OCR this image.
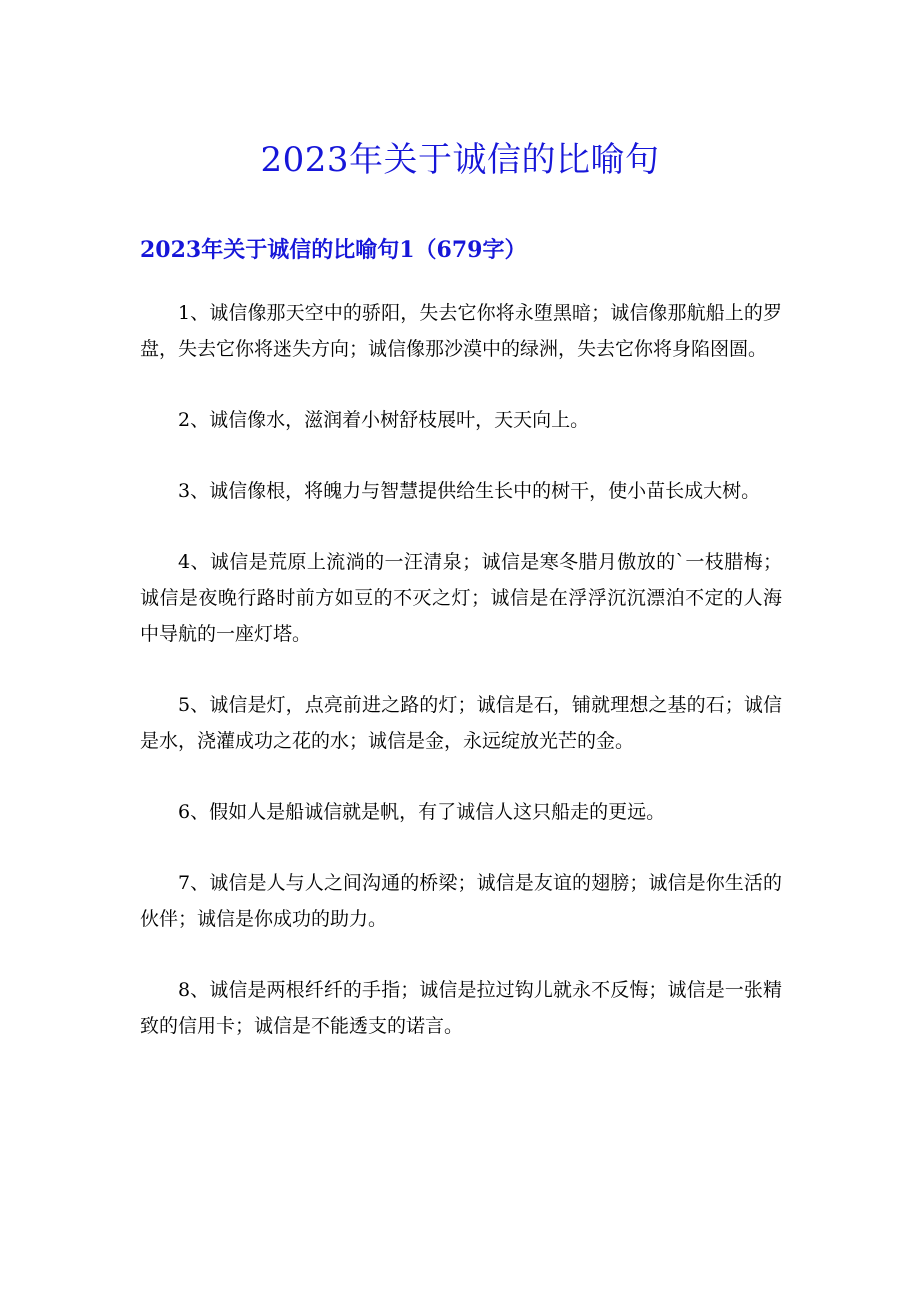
2023年关于诚信的比喻句
2023年关于诚信的比喻句1（679字）

1、诚信像那天空中的骄阳，失去它你将永堕黑暗；诚信像那航船上的罗盘，失去它你将迷失方向；诚信像那沙漠中的绿洲，失去它你将身陷囹圄。

2、诚信像水，滋润着小树舒枝展叶，天天向上。

3、诚信像根，将魄力与智慧提供给生长中的树干，使小苗长成大树。

4、诚信是荒原上流淌的一汪清泉；诚信是寒冬腊月傲放的`一枝腊梅；诚信是夜晚行路时前方如豆的不灭之灯；诚信是在浮浮沉沉漂泊不定的人海中导航的一座灯塔。

5、诚信是灯，点亮前进之路的灯；诚信是石，铺就理想之基的石；诚信是水，浇灌成功之花的水；诚信是金，永远绽放光芒的金。

6、假如人是船诚信就是帆，有了诚信人这只船走的更远。

7、诚信是人与人之间沟通的桥梁；诚信是友谊的翅膀；诚信是你生活的伙伴；诚信是你成功的助力。

8、诚信是两根纤纤的手指；诚信是拉过钩儿就永不反悔；诚信是一张精致的信用卡；诚信是不能透支的诺言。
